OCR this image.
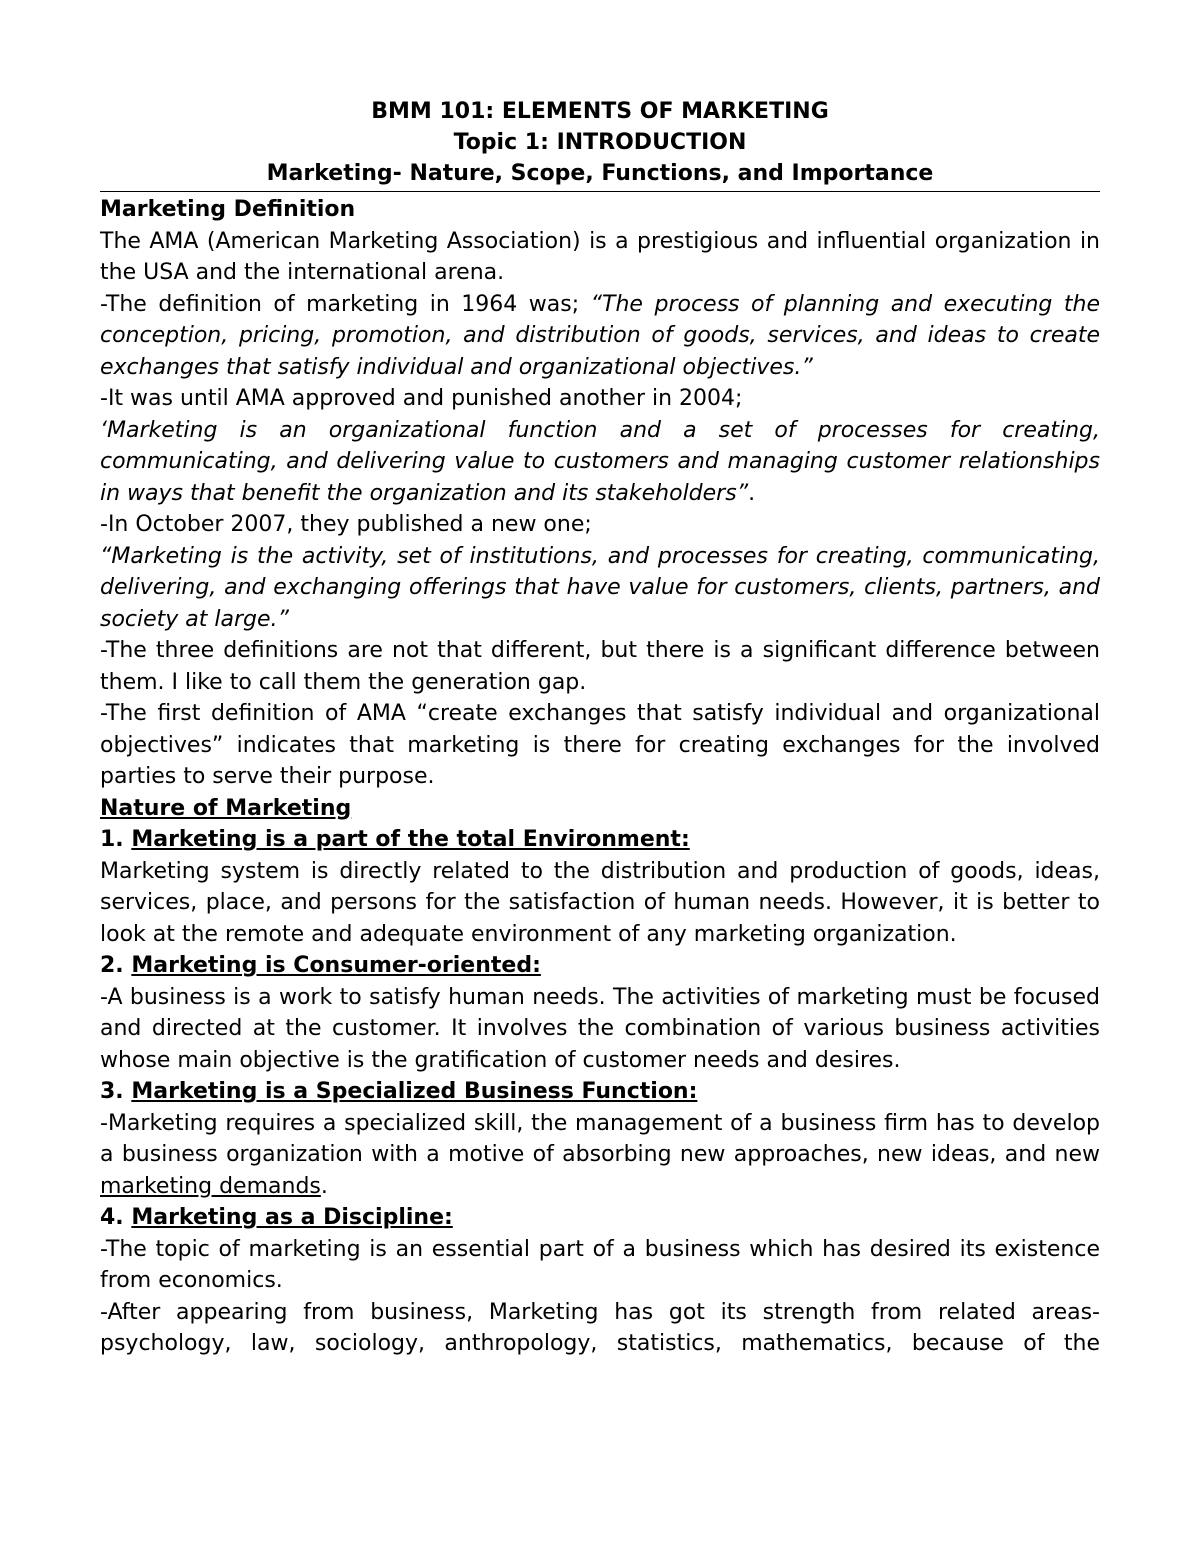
BMM 101: ELEMENTS OF MARKETING
Topic 1: INTRODUCTION
Marketing- Nature, Scope, Functions, and Importance
Marketing Definition

The AMA (American Marketing Association) is a prestigious and influential organization in the USA and the international arena.

-The definition of marketing in 1964 was; “The process of planning and executing the conception, pricing, promotion, and distribution of goods, services, and ideas to create exchanges that satisfy individual and organizational objectives.”

-It was until AMA approved and punished another in 2004;

‘Marketing is an organizational function and a set of processes for creating, communicating, and delivering value to customers and managing customer relationships in ways that benefit the organization and its stakeholders”.

-In October 2007, they published a new one;

“Marketing is the activity, set of institutions, and processes for creating, communicating, delivering, and exchanging offerings that have value for customers, clients, partners, and society at large.”

-The three definitions are not that different, but there is a significant difference between them. I like to call them the generation gap.

-The first definition of AMA “create exchanges that satisfy individual and organizational objectives” indicates that marketing is there for creating exchanges for the involved parties to serve their purpose.

Nature of Marketing
1. Marketing is a part of the total Environment:

Marketing system is directly related to the distribution and production of goods, ideas, services, place, and persons for the satisfaction of human needs. However, it is better to look at the remote and adequate environment of any marketing organization.

2. Marketing is Consumer-oriented:

-A business is a work to satisfy human needs. The activities of marketing must be focused and directed at the customer. It involves the combination of various business activities whose main objective is the gratification of customer needs and desires.

3. Marketing is a Specialized Business Function:

-Marketing requires a specialized skill, the management of a business firm has to develop a business organization with a motive of absorbing new approaches, new ideas, and new marketing demands.

4. Marketing as a Discipline:

-The topic of marketing is an essential part of a business which has desired its existence from economics.

-After appearing from business, Marketing has got its strength from related areas- psychology, law, sociology, anthropology, statistics, mathematics, because of the
